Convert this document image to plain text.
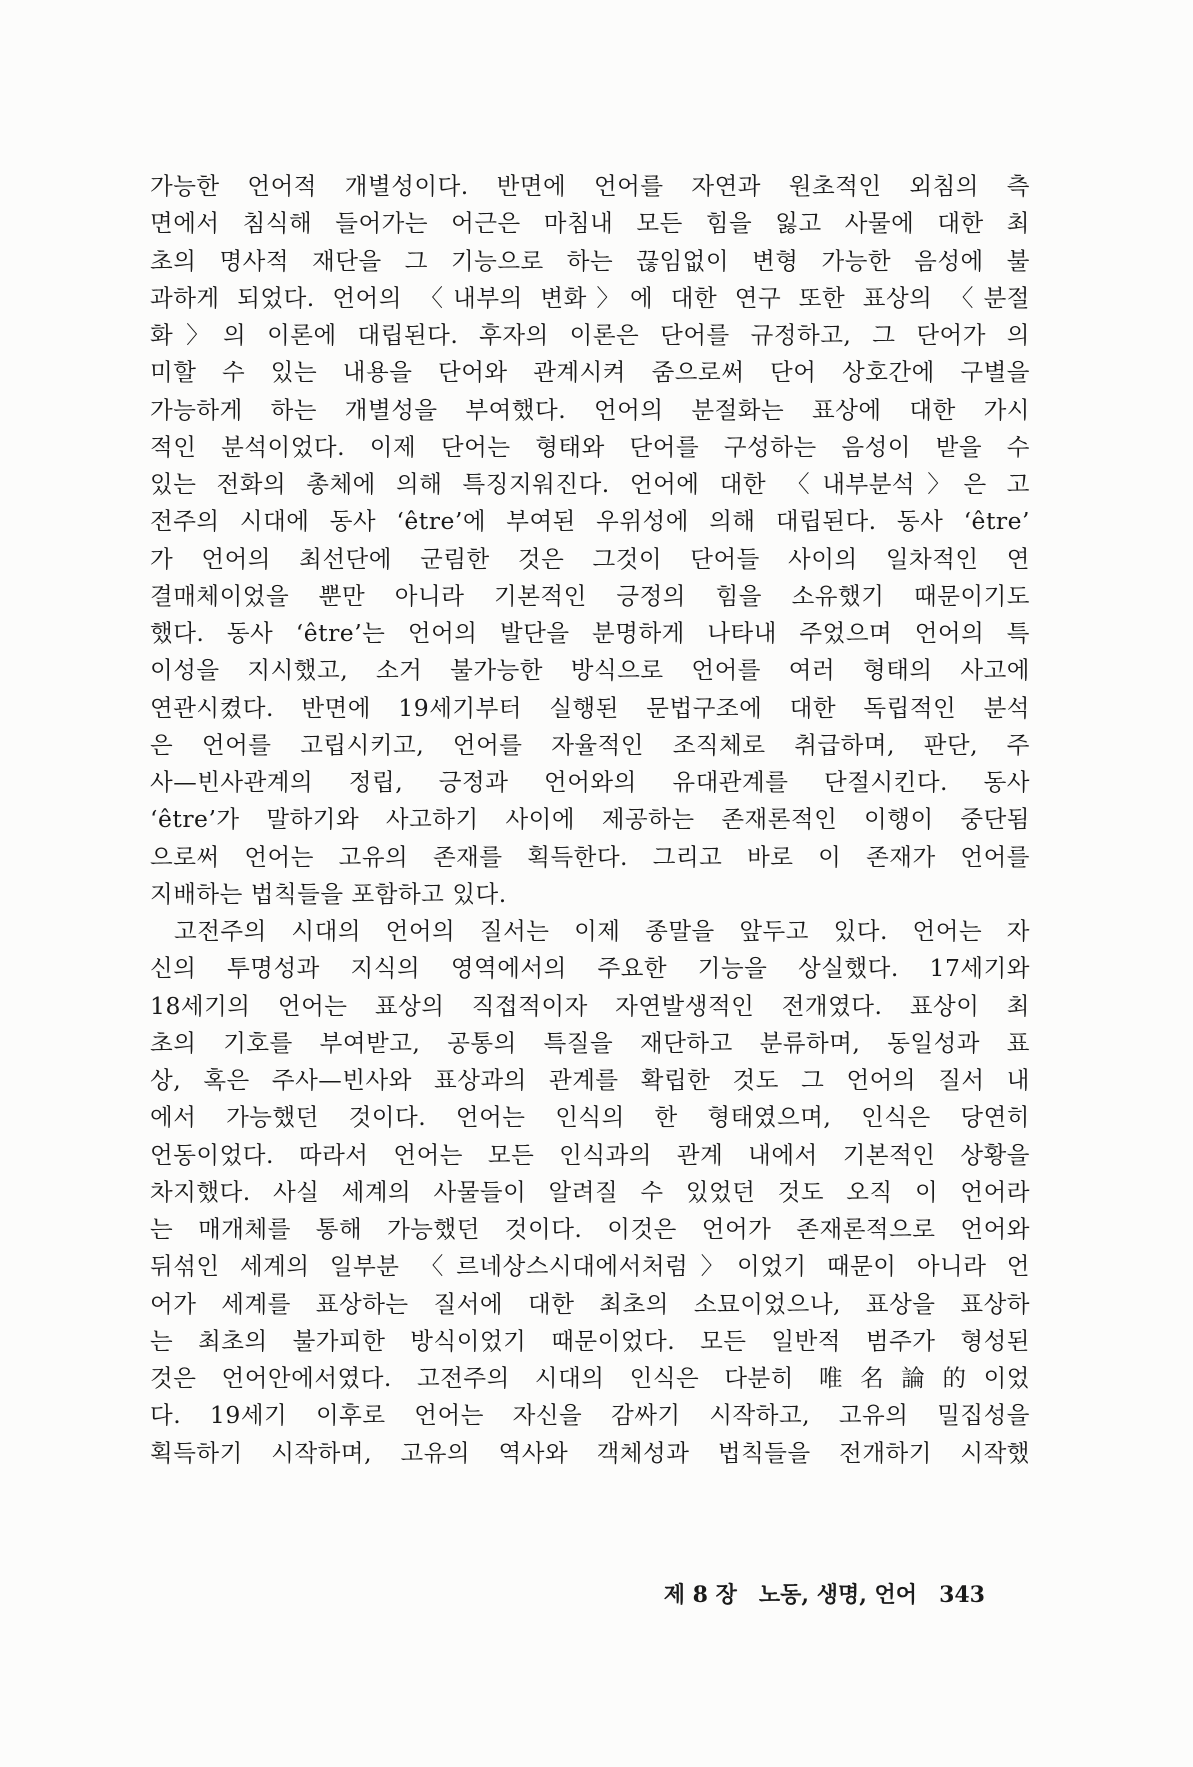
가능한 언어적 개별성이다. 반면에 언어를 자연과 원초적인 외침의 측
면에서 침식해 들어가는 어근은 마침내 모든 힘을 잃고 사물에 대한 최
초의 명사적 재단을 그 기능으로 하는 끊임없이 변형 가능한 음성에 불
과하게 되었다. 언어의 〈내부의 변화〉에 대한 연구 또한 표상의 〈분절
화〉의 이론에 대립된다. 후자의 이론은 단어를 규정하고, 그 단어가 의
미할 수 있는 내용을 단어와 관계시켜 줌으로써 단어 상호간에 구별을
가능하게 하는 개별성을 부여했다. 언어의 분절화는 표상에 대한 가시
적인 분석이었다. 이제 단어는 형태와 단어를 구성하는 음성이 받을 수
있는 전화의 총체에 의해 특징지워진다. 언어에 대한 〈내부분석〉은 고
전주의 시대에 동사 ‘être’에 부여된 우위성에 의해 대립된다. 동사 ‘être’
가 언어의 최선단에 군림한 것은 그것이 단어들 사이의 일차적인 연
결매체이었을 뿐만 아니라 기본적인 긍정의 힘을 소유했기 때문이기도
했다. 동사 ‘être’는 언어의 발단을 분명하게 나타내 주었으며 언어의 특
이성을 지시했고, 소거 불가능한 방식으로 언어를 여러 형태의 사고에
연관시켰다. 반면에 19세기부터 실행된 문법구조에 대한 독립적인 분석
은 언어를 고립시키고, 언어를 자율적인 조직체로 취급하며, 판단, 주
사—빈사관계의 정립, 긍정과 언어와의 유대관계를 단절시킨다. 동사
‘être’가 말하기와 사고하기 사이에 제공하는 존재론적인 이행이 중단됨
으로써 언어는 고유의 존재를 획득한다. 그리고 바로 이 존재가 언어를
지배하는 법칙들을 포함하고 있다.
고전주의 시대의 언어의 질서는 이제 종말을 앞두고 있다. 언어는 자
신의 투명성과 지식의 영역에서의 주요한 기능을 상실했다. 17세기와
18세기의 언어는 표상의 직접적이자 자연발생적인 전개였다. 표상이 최
초의 기호를 부여받고, 공통의 특질을 재단하고 분류하며, 동일성과 표
상, 혹은 주사—빈사와 표상과의 관계를 확립한 것도 그 언어의 질서 내
에서 가능했던 것이다. 언어는 인식의 한 형태였으며, 인식은 당연히
언동이었다. 따라서 언어는 모든 인식과의 관계 내에서 기본적인 상황을
차지했다. 사실 세계의 사물들이 알려질 수 있었던 것도 오직 이 언어라
는 매개체를 통해 가능했던 것이다. 이것은 언어가 존재론적으로 언어와
뒤섞인 세계의 일부분 〈르네상스시대에서처럼〉이었기 때문이 아니라 언
어가 세계를 표상하는 질서에 대한 최초의 소묘이었으나, 표상을 표상하
는 최초의 불가피한 방식이었기 때문이었다. 모든 일반적 범주가 형성된
것은 언어안에서였다. 고전주의 시대의 인식은 다분히 唯名論的이었
다. 19세기 이후로 언어는 자신을 감싸기 시작하고, 고유의 밀집성을
획득하기 시작하며, 고유의 역사와 객체성과 법칙들을 전개하기 시작했
제 8 장 노동, 생명, 언어 343
